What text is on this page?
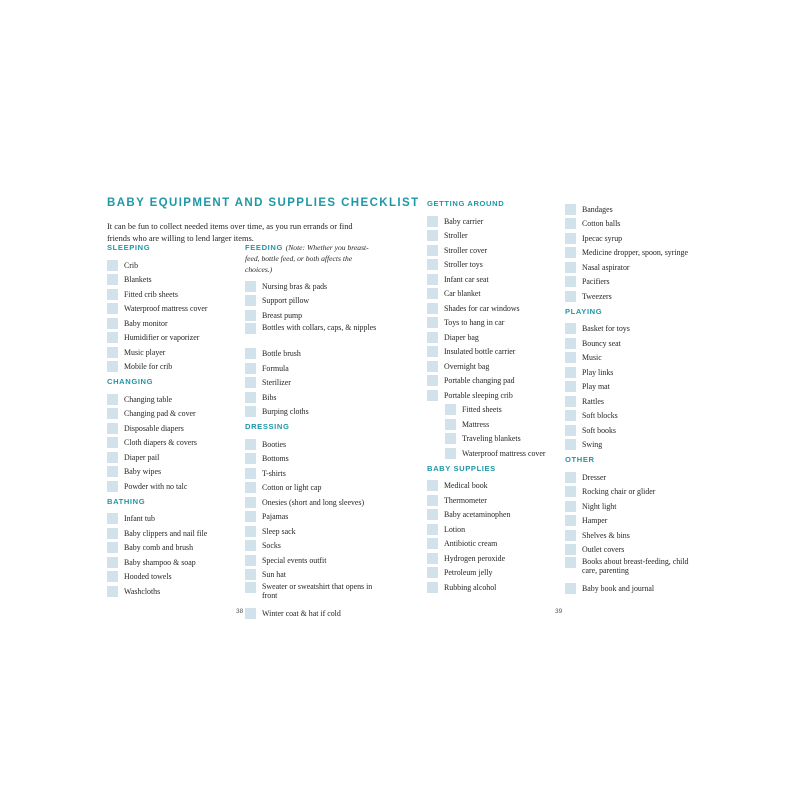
BABY EQUIPMENT AND SUPPLIES CHECKLIST
It can be fun to collect needed items over time, as you run errands or find friends who are willing to lend larger items.
SLEEPING
Crib
Blankets
Fitted crib sheets
Waterproof mattress cover
Baby monitor
Humidifier or vaporizer
Music player
Mobile for crib
CHANGING
Changing table
Changing pad & cover
Disposable diapers
Cloth diapers & covers
Diaper pail
Baby wipes
Powder with no talc
BATHING
Infant tub
Baby clippers and nail file
Baby comb and brush
Baby shampoo & soap
Hooded towels
Washcloths
FEEDING (Note: Whether you breast-feed, bottle feed, or both affects the choices.)
Nursing bras & pads
Support pillow
Breast pump
Bottles with collars, caps, & nipples
Bottle brush
Formula
Sterilizer
Bibs
Burping cloths
DRESSING
Booties
Bottoms
T-shirts
Cotton or light cap
Onesies (short and long sleeves)
Pajamas
Sleep sack
Socks
Special events outfit
Sun hat
Sweater or sweatshirt that opens in front
Winter coat & hat if cold
GETTING AROUND
Baby carrier
Stroller
Stroller cover
Stroller toys
Infant car seat
Car blanket
Shades for car windows
Toys to hang in car
Diaper bag
Insulated bottle carrier
Overnight bag
Portable changing pad
Portable sleeping crib
Fitted sheets
Mattress
Traveling blankets
Waterproof mattress cover
BABY SUPPLIES
Medical book
Thermometer
Baby acetaminophen
Lotion
Antibiotic cream
Hydrogen peroxide
Petroleum jelly
Rubbing alcohol
Bandages
Cotton balls
Ipecac syrup
Medicine dropper, spoon, syringe
Nasal aspirator
Pacifiers
Tweezers
PLAYING
Basket for toys
Bouncy seat
Music
Play links
Play mat
Rattles
Soft blocks
Soft books
Swing
OTHER
Dresser
Rocking chair or glider
Night light
Hamper
Shelves & bins
Outlet covers
Books about breast-feeding, child care, parenting
Baby book and journal
38	39
